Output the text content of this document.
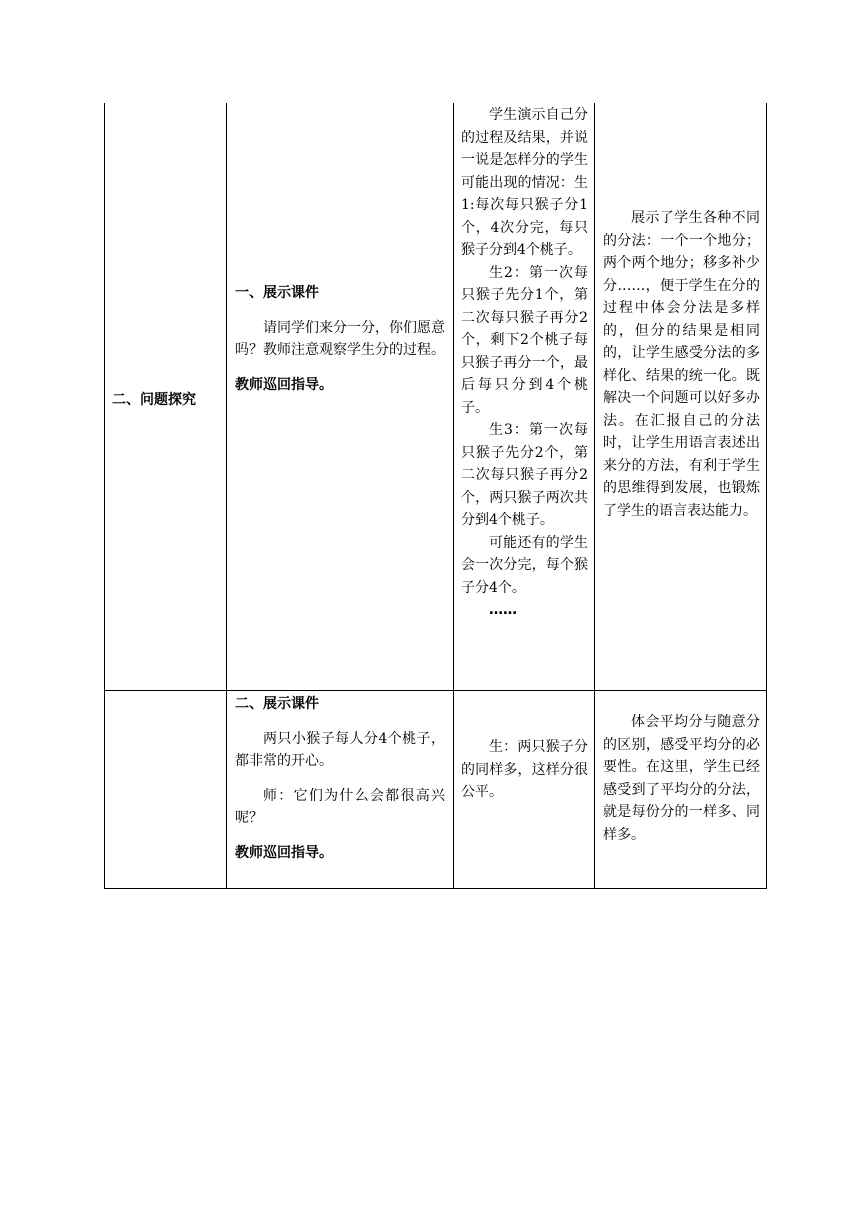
二、问题探究

一、展示课件

请同学们来分一分，你们愿意吗？教师注意观察学生分的过程。

教师巡回指导。

学生演示自己分的过程及结果，并说一说是怎样分的学生可能出现的情况：生1:每次每只猴子分1个，4次分完，每只猴子分到4个桃子。

生2：第一次每只猴子先分1个，第二次每只猴子再分2个，剩下2个桃子每只猴子再分一个，最后每只分到4个桃子。

生3：第一次每只猴子先分2个，第二次每只猴子再分2个，两只猴子两次共分到4个桃子。

可能还有的学生会一次分完，每个猴子分4个。

……

展示了学生各种不同的分法：一个一个地分；两个两个地分；移多补少分……，便于学生在分的过程中体会分法是多样的，但分的结果是相同的，让学生感受分法的多样化、结果的统一化。既解决一个问题可以好多办法。在汇报自己的分法时，让学生用语言表述出来分的方法，有利于学生的思维得到发展，也锻炼了学生的语言表达能力。

二、展示课件

两只小猴子每人分4个桃子，都非常的开心。

师：它们为什么会都很高兴呢？

教师巡回指导。

生：两只猴子分的同样多，这样分很公平。

体会平均分与随意分的区别，感受平均分的必要性。在这里，学生已经感受到了平均分的分法，就是每份分的一样多、同样多。
